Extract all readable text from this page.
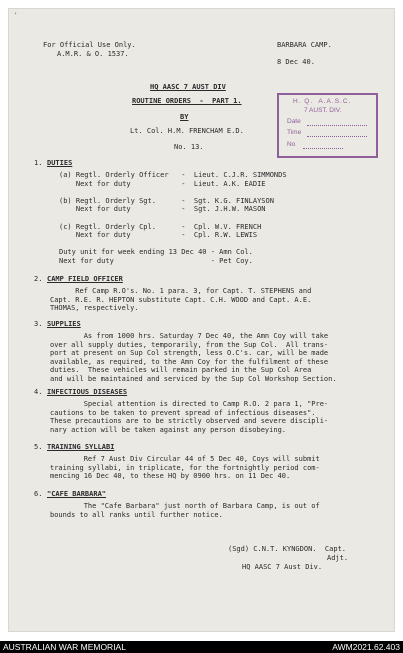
'
For Official Use Only.
A.M.R. & O. 1537.
BARBARA CAMP.
8 Dec 40.
HQ AASC 7 AUST DIV
ROUTINE ORDERS  -  PART 1.
BY
Lt. Col. H.M. FRENCHAM E.D.
No. 13.
1. DUTIES
(a) Regtl. Orderly Officer   -  Lieut. C.J.R. SIMMONDS
Next for duty            -  Lieut. A.K. EADIE
(b) Regtl. Orderly Sgt.      -  Sgt. K.G. FINLAYSON
Next for duty            -  Sgt. J.H.W. MASON
(c) Regtl. Orderly Cpl.      -  Cpl. W.V. FRENCH
Next for duty            -  Cpl. R.W. LEWIS
Duty unit for week ending 13 Dec 40 - Amn Col.
Next for duty                       - Pet Coy.
2. CAMP FIELD OFFICER
Ref Camp R.O's. No. 1 para. 3, for Capt. T. STEPHENS and
Capt. R.E. R. HEPTON substitute Capt. C.H. WOOD and Capt. A.E.
THOMAS, respectively.
3. SUPPLIES
As from 1000 hrs. Saturday 7 Dec 40, the Amn Coy will take
over all supply duties, temporarily, from the Sup Col.  All trans-
port at present on Sup Col strength, less O.C's. car, will be made
available, as required, to the Amn Coy for the fulfilment of these
duties.  These vehicles will remain parked in the Sup Col Area
and will be maintained and serviced by the Sup Col Workshop Section.
4. INFECTIOUS DISEASES
Special attention is directed to Camp R.O. 2 para 1, "Pre-
cautions to be taken to prevent spread of infectious diseases".
These precautions are to be strictly observed and severe discipli-
nary action will be taken against any person disobeying.
5. TRAINING SYLLABI
Ref 7 Aust Div Circular 44 of 5 Dec 40, Coys will submit
training syllabi, in triplicate, for the fortnightly period com-
mencing 16 Dec 40, to these HQ by 0900 hrs. on 11 Dec 40.
6. "CAFE BARBARA"
The "Cafe Barbara" just north of Barbara Camp, is out of
bounds to all ranks until further notice.
(Sgd) C.N.T. KYNGDON.  Capt.
Adjt.
HQ AASC 7 Aust Div.
H. Q.  A.A.S.C.
7 AUST. DIV.
Date
Time
No
AUSTRALIAN WAR MEMORIAL	AWM2021.62.403
